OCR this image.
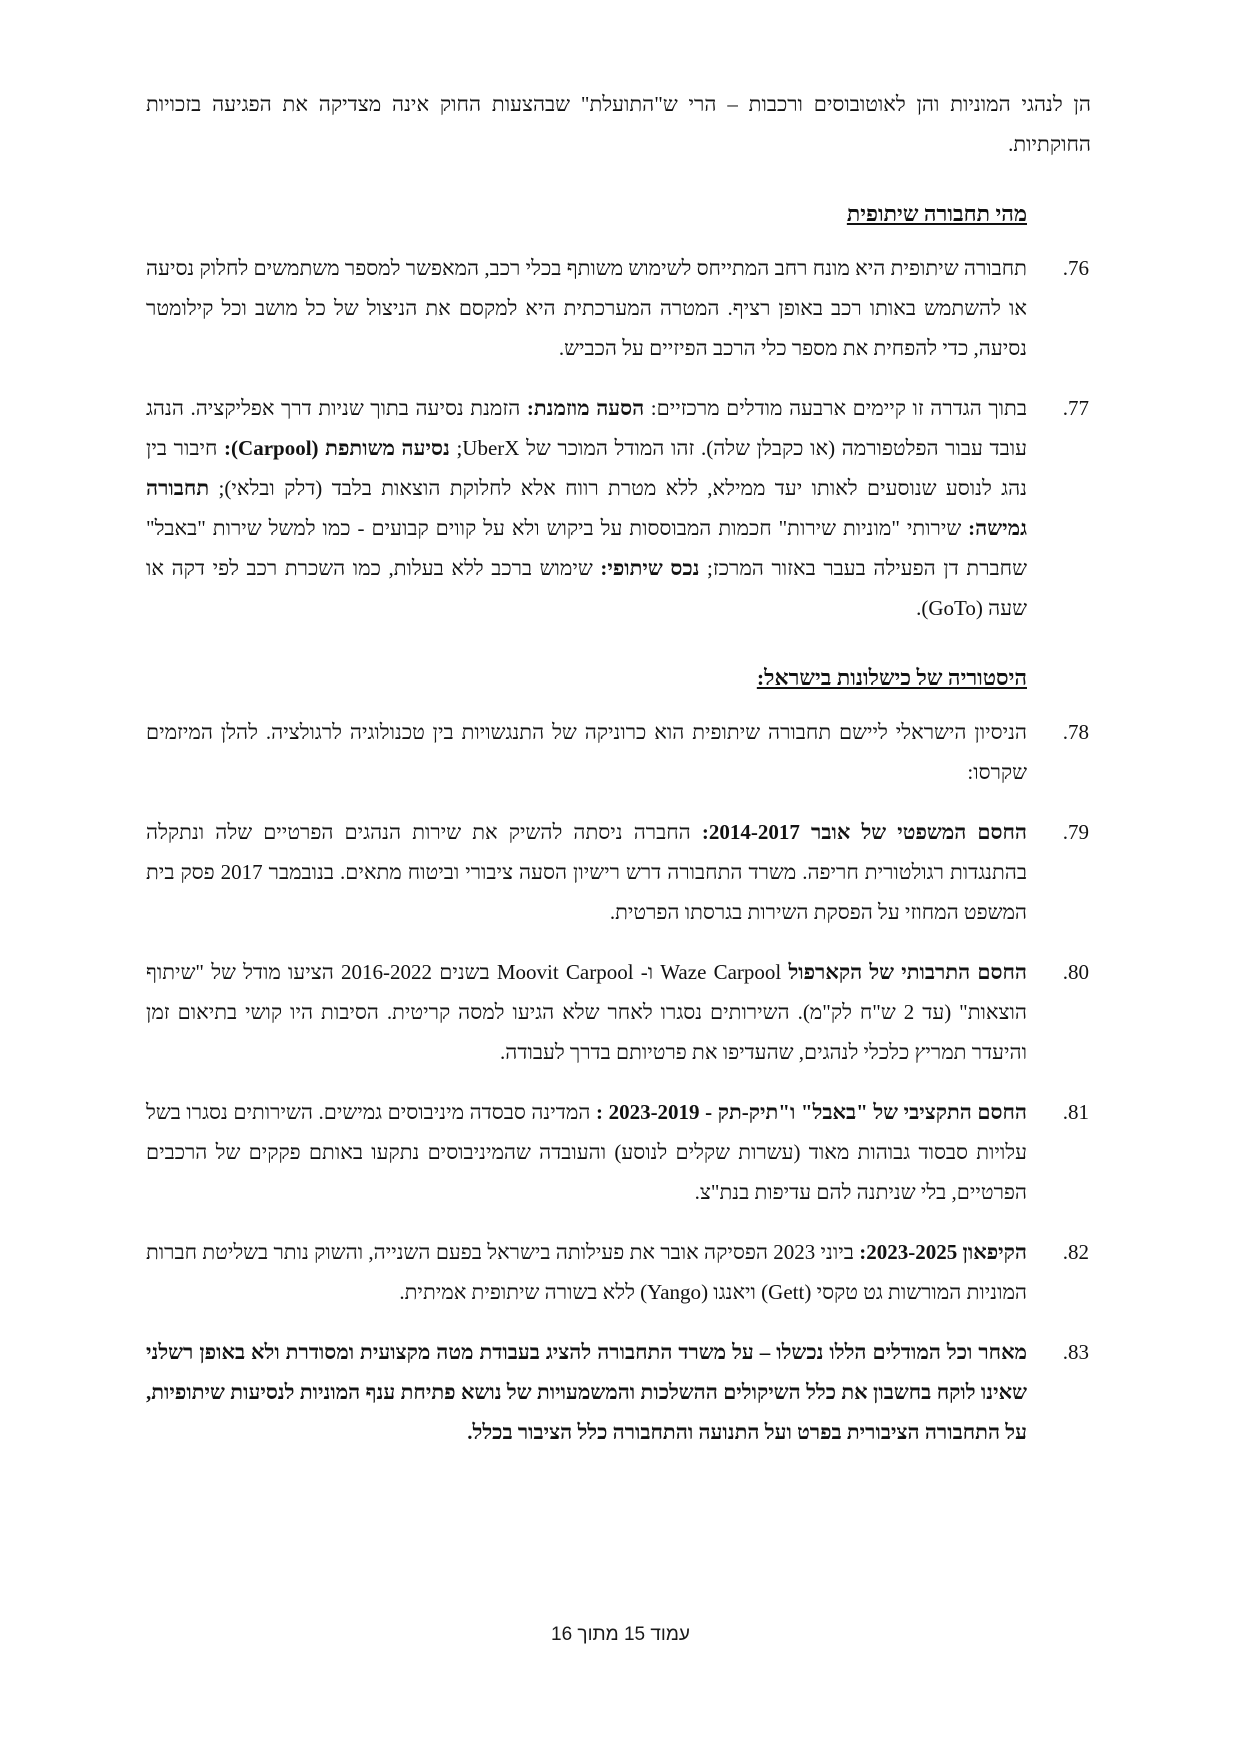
הן לנהגי המוניות והן לאוטובוסים ורכבות – הרי ש"התועלת" שבהצעות החוק אינה מצדיקה את הפגיעה בזכויות החוקתיות.

מהי תחבורה שיתופית
76.

תחבורה שיתופית היא מונח רחב המתייחס לשימוש משותף בכלי רכב, המאפשר למספר משתמשים לחלוק נסיעה או להשתמש באותו רכב באופן רציף. המטרה המערכתית היא למקסם את הניצול של כל מושב וכל קילומטר נסיעה, כדי להפחית את מספר כלי הרכב הפיזיים על הכביש.

77.

בתוך הגדרה זו קיימים ארבעה מודלים מרכזיים: הסעה מוזמנת: הזמנת נסיעה בתוך שניות דרך אפליקציה. הנהג עובד עבור הפלטפורמה (או כקבלן שלה). זהו המודל המוכר של UberX; נסיעה משותפת (Carpool): חיבור בין נהג לנוסע שנוסעים לאותו יעד ממילא, ללא מטרת רווח אלא לחלוקת הוצאות בלבד (דלק ובלאי); תחבורה גמישה: שירותי "מוניות שירות" חכמות המבוססות על ביקוש ולא על קווים קבועים - כמו למשל שירות "באבל" שחברת דן הפעילה בעבר באזור המרכז; נכס שיתופי: שימוש ברכב ללא בעלות, כמו השכרת רכב לפי דקה או שעה (GoTo).

היסטוריה של כישלונות בישראל:
78.

הניסיון הישראלי ליישם תחבורה שיתופית הוא כרוניקה של התנגשויות בין טכנולוגיה לרגולציה. להלן המיזמים שקרסו:

79.

החסם המשפטי של אובר 2014-2017: החברה ניסתה להשיק את שירות הנהגים הפרטיים שלה ונתקלה בהתנגדות רגולטורית חריפה. משרד התחבורה דרש רישיון הסעה ציבורי וביטוח מתאים. בנובמבר 2017 פסק בית המשפט המחוזי על הפסקת השירות בגרסתו הפרטית.

80.

החסם התרבותי של הקארפול Waze Carpool ו- Moovit Carpool בשנים 2016-2022 הציעו מודל של "שיתוף הוצאות" (עד 2 ש"ח לק"מ). השירותים נסגרו לאחר שלא הגיעו למסה קריטית. הסיבות היו קושי בתיאום זמן והיעדר תמריץ כלכלי לנהגים, שהעדיפו את פרטיותם בדרך לעבודה.

81.

החסם התקציבי של "באבל" ו"תיק-תק - 2023-2019 : המדינה סבסדה מיניבוסים גמישים. השירותים נסגרו בשל עלויות סבסוד גבוהות מאוד (עשרות שקלים לנוסע) והעובדה שהמיניבוסים נתקעו באותם פקקים של הרכבים הפרטיים, בלי שניתנה להם עדיפות בנת"צ.

82.

הקיפאון 2023-2025: ביוני 2023 הפסיקה אובר את פעילותה בישראל בפעם השנייה, והשוק נותר בשליטת חברות המוניות המורשות גט טקסי (Gett) ויאנגו (Yango) ללא בשורה שיתופית אמיתית.

83.

מאחר וכל המודלים הללו נכשלו – על משרד התחבורה להציג בעבודת מטה מקצועית ומסודרת ולא באופן רשלני שאינו לוקח בחשבון את כלל השיקולים ההשלכות והמשמעויות של נושא פתיחת ענף המוניות לנסיעות שיתופיות, על התחבורה הציבורית בפרט ועל התנועה והתחבורה כלל הציבור בכלל.

עמוד 15 מתוך 16
